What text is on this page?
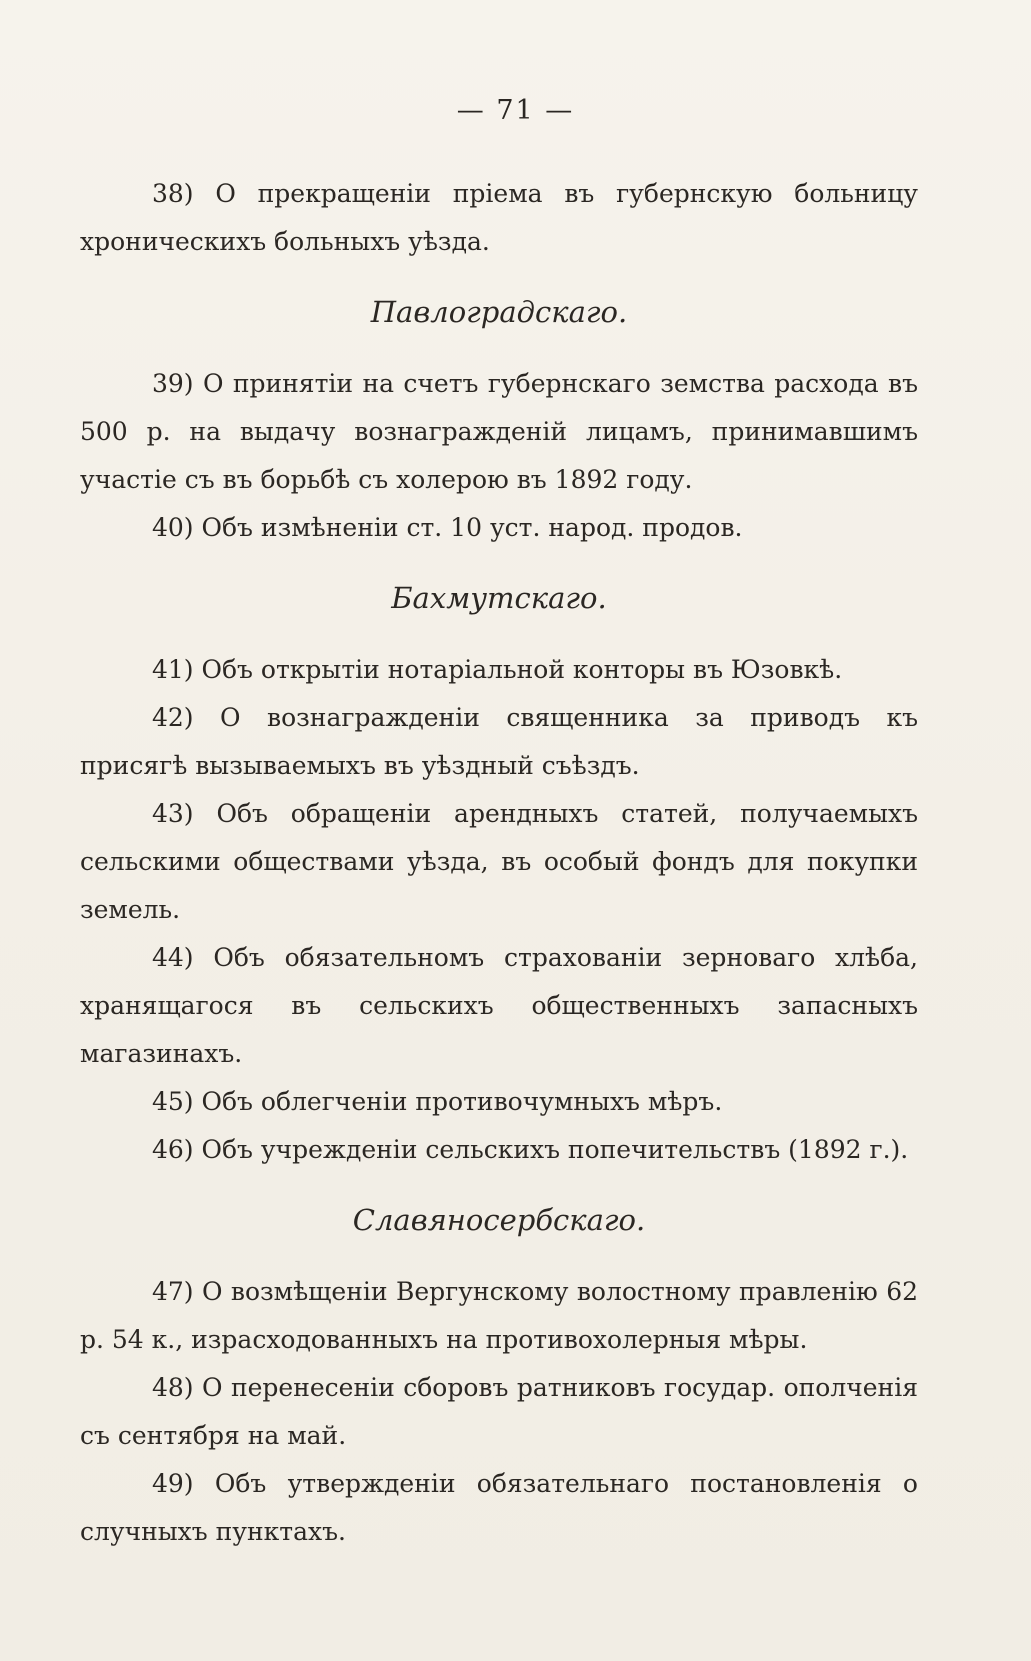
— 71 —

38) О прекращенiи прiема въ губернскую больницу хроническихъ больныхъ уѣзда.

Павлоградскаго.

39) О принятiи на счетъ губернскаго земства расхода въ 500 р. на выдачу вознагражденiй лицамъ, принимавшимъ участiе съ въ борьбѣ съ холерою въ 1892 году.

40) Объ измѣненiи ст. 10 уст. народ. продов.

Бахмутскаго.

41) Объ открытiи нотарiальной конторы въ Юзовкѣ.

42) О вознагражденiи священника за приводъ къ присягѣ вызываемыхъ въ уѣздный съѣздъ.

43) Объ обращенiи арендныхъ статей, получаемыхъ сельскими обществами уѣзда, въ особый фондъ для покупки земель.

44) Объ обязательномъ страхованiи зерноваго хлѣба, хранящагося въ сельскихъ общественныхъ запасныхъ магазинахъ.

45) Объ облегченiи противочумныхъ мѣръ.

46) Объ учрежденiи сельскихъ попечительствъ (1892 г.).

Славяносербскаго.

47) О возмѣщенiи Вергунскому волостному правленiю 62 р. 54 к., израсходованныхъ на противохолерныя мѣры.

48) О перенесенiи сборовъ ратниковъ государ. ополченiя съ сентября на май.

49) Объ утвержденiи обязательнаго постановленiя о случныхъ пунктахъ.
